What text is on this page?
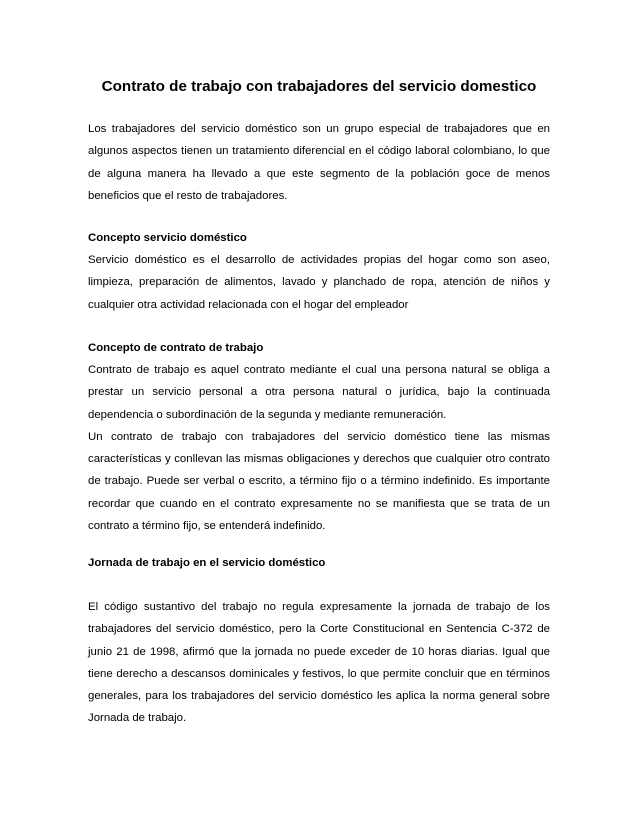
Contrato de trabajo con trabajadores del servicio domestico

Los trabajadores del servicio doméstico son un grupo especial de trabajadores que en algunos aspectos tienen un tratamiento diferencial en el código laboral colombiano, lo que de alguna manera ha llevado a que este segmento de la población goce de menos beneficios que el resto de trabajadores.

Concepto servicio doméstico

Servicio doméstico es el desarrollo de actividades propias del hogar como son aseo, limpieza, preparación de alimentos, lavado y planchado de ropa, atención de niños y cualquier otra actividad relacionada con el hogar del empleador

Concepto de contrato de trabajo

Contrato de trabajo es aquel contrato mediante el cual una persona natural se obliga a prestar un servicio personal a otra persona natural o jurídica, bajo la continuada dependencia o subordinación de la segunda y mediante remuneración.

Un contrato de trabajo con trabajadores del servicio doméstico tiene las mismas características y conllevan las mismas obligaciones y derechos que cualquier otro contrato de trabajo. Puede ser verbal o escrito, a término fijo o a término indefinido. Es importante recordar que cuando en el contrato expresamente no se manifiesta que se trata de un contrato a término fijo, se entenderá indefinido.

Jornada de trabajo en el servicio doméstico

El código sustantivo del trabajo no regula expresamente la jornada de trabajo de los trabajadores del servicio doméstico, pero la Corte Constitucional en Sentencia C-372 de junio 21 de 1998, afirmó que la jornada no puede exceder de 10 horas diarias. Igual que tiene derecho a descansos dominicales y festivos, lo que permite concluir que en términos generales, para los trabajadores del servicio doméstico les aplica la norma general sobre Jornada de trabajo.
